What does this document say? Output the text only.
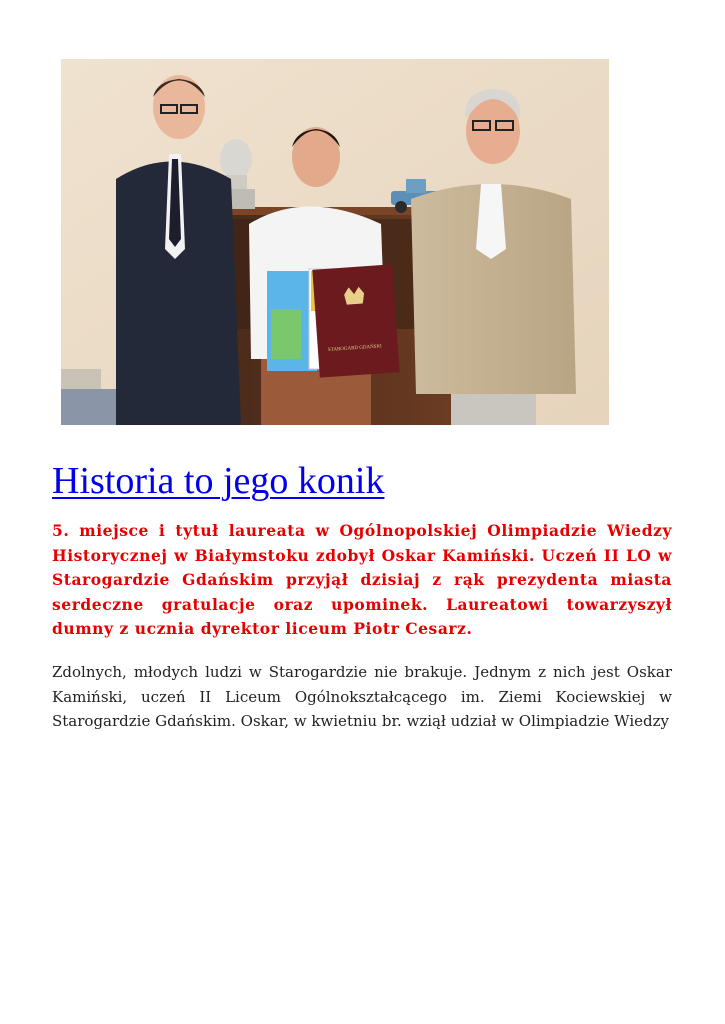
STAROGARD GDAŃSKI
Historia to jego konik

5. miejsce i tytuł laureata w Ogólnopolskiej Olimpiadzie Wiedzy Historycznej w Białymstoku zdobył Oskar Kamiński. Uczeń II LO w Starogardzie Gdańskim przyjął dzisiaj z rąk prezydenta miasta serdeczne gratulacje oraz upominek. Laureatowi towarzyszył dumny z ucznia dyrektor liceum Piotr Cesarz.

Zdolnych, młodych ludzi w Starogardzie nie brakuje. Jednym z nich jest Oskar Kamiński, uczeń II Liceum Ogólnokształcącego im. Ziemi Kociewskiej w Starogardzie Gdańskim. Oskar, w kwietniu br. wziął udział w Olimpiadzie Wiedzy
